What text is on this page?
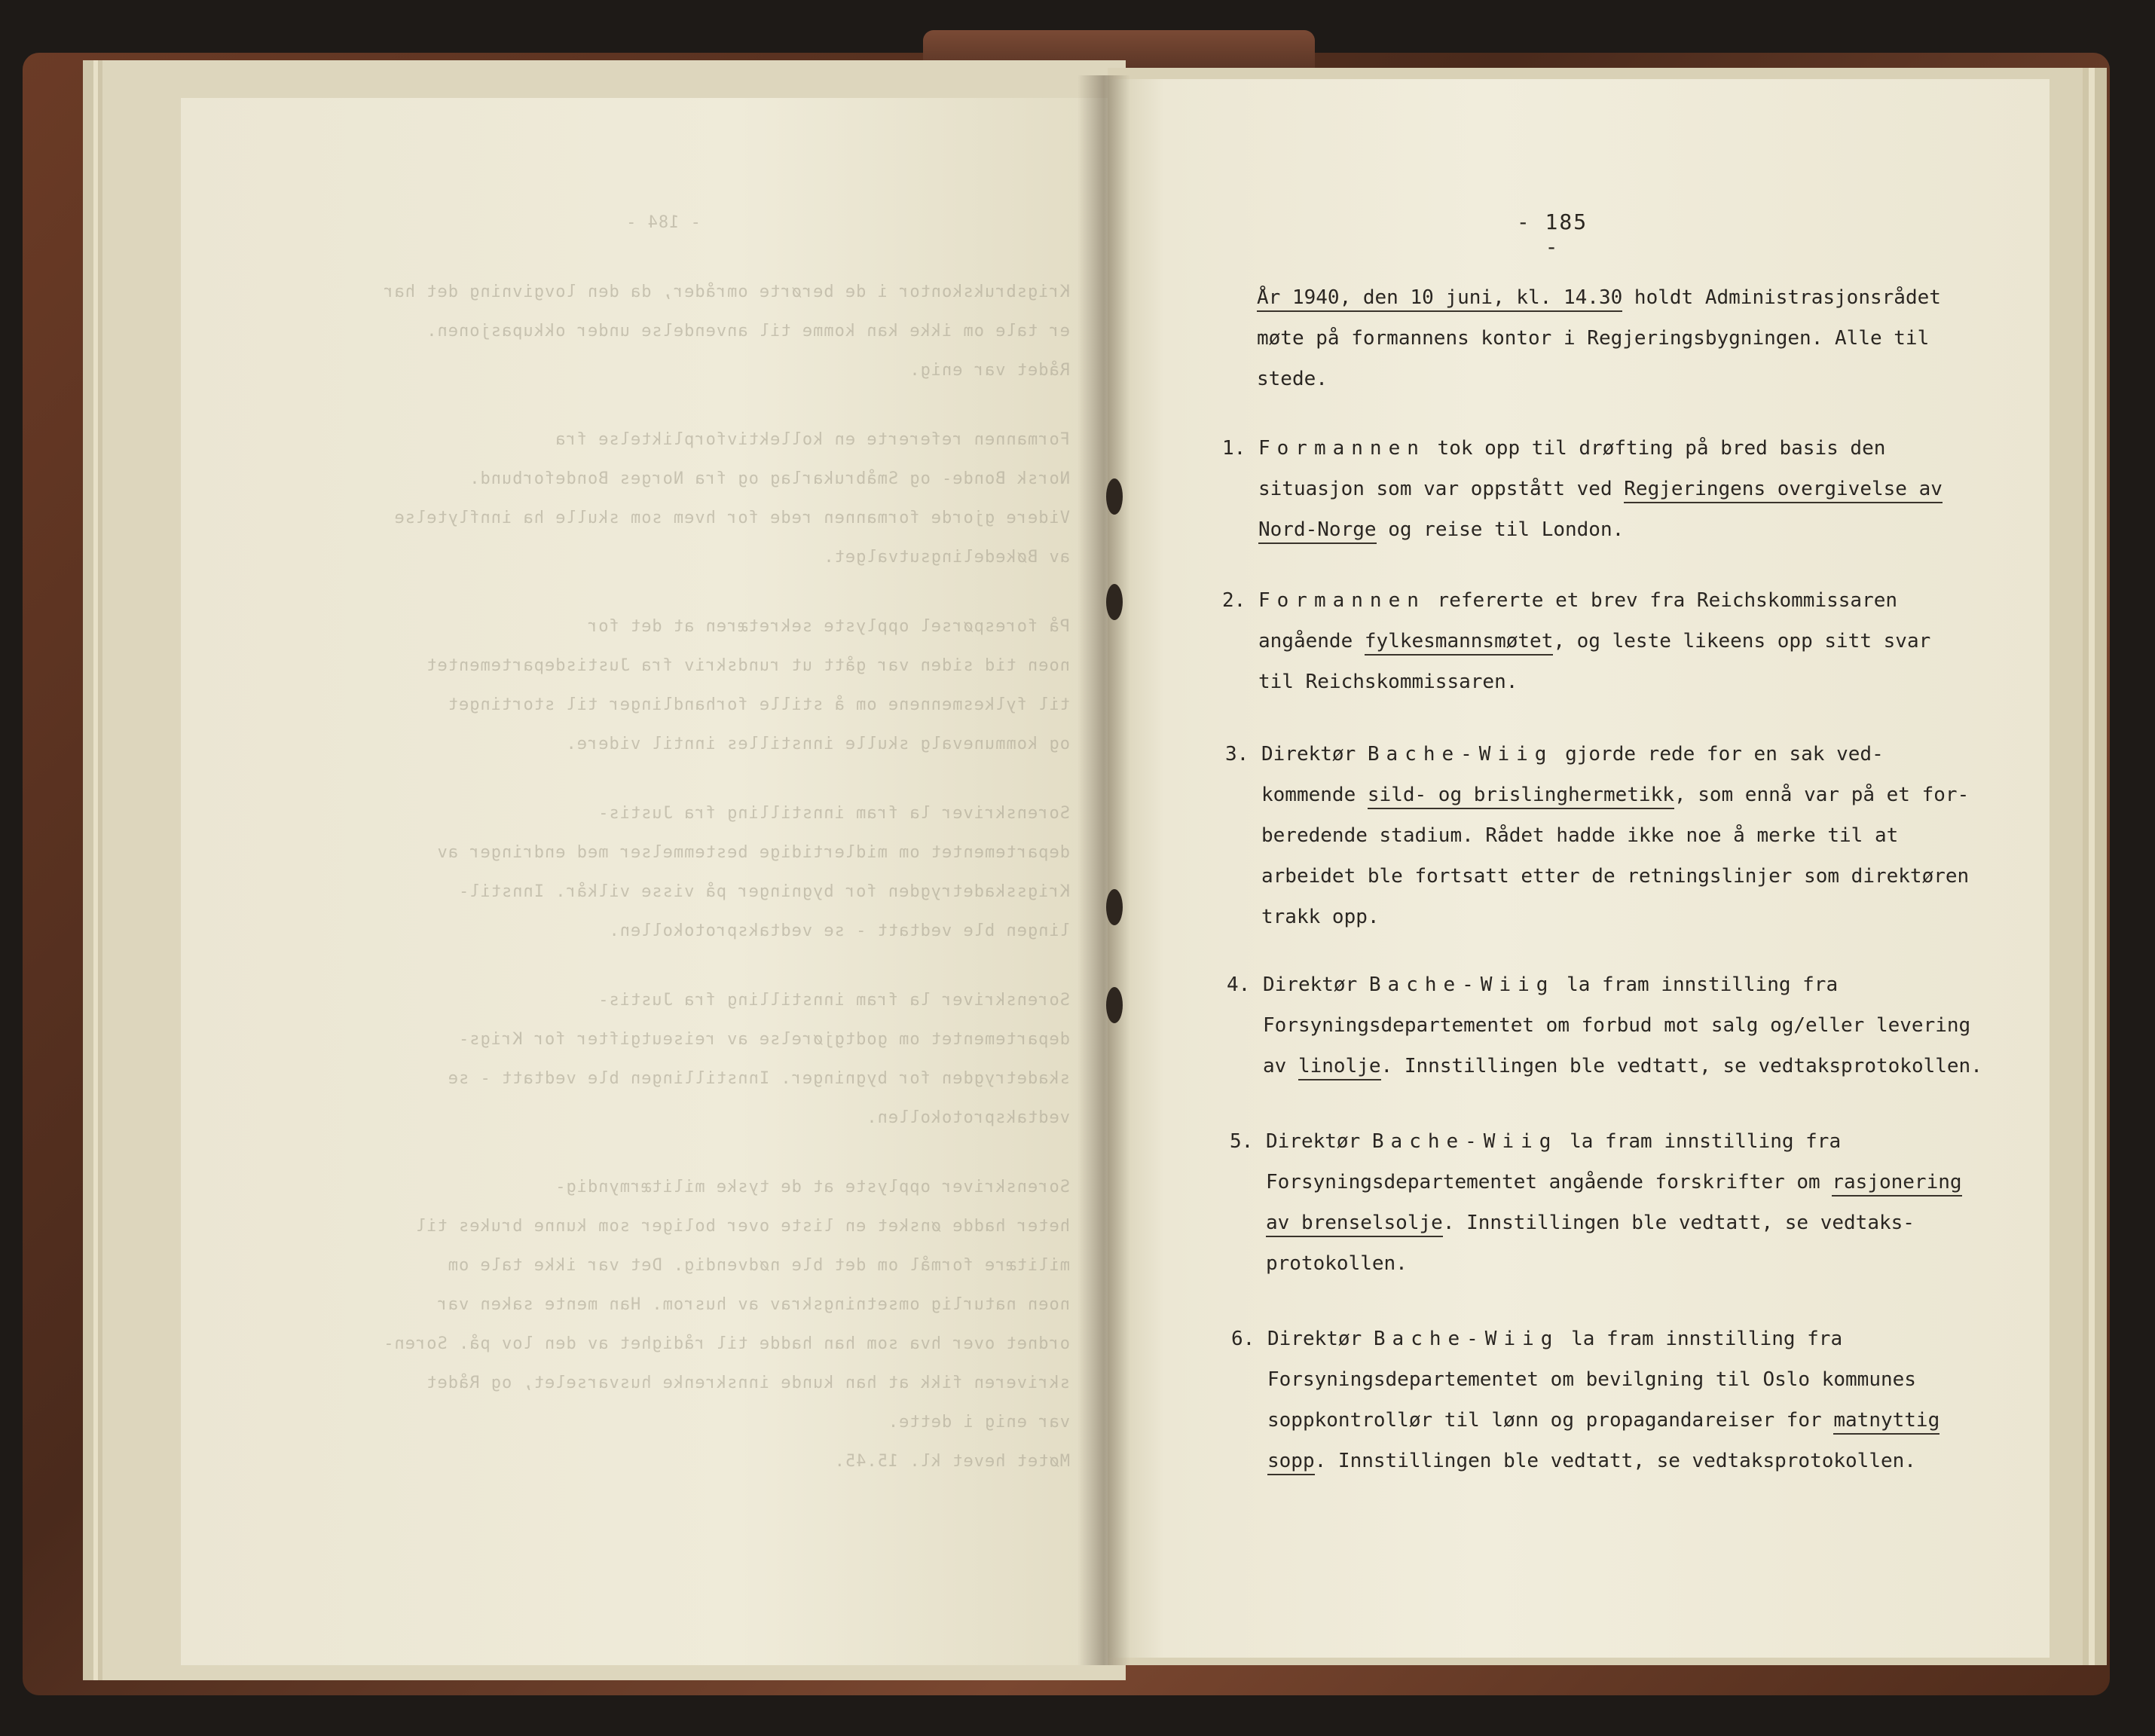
- 184 -

Krigsbrukskontor i de berørte områder, da den lovgivning det har

er tale om ikke kan komme til anvendelse under okkupasjonen.

Rådet var enig.

Formannen refererte en kollektivforpliktelse fra

Norsk Bonde- og Småbrukarlag og fra Norges Bondeforbund.

Videre gjorde formannen rede for hvem som skulle ha innflytelse

av Bøkedelingsutvalget.

På forespørsel opplyste sekretæren at det for

noen tid siden var gått ut rundskriv fra Justisdepartementet

til fylkesmennene om å stille forhandlinger til stortinget

og kommunevalg skulle innstilles inntil videre.

Sorenskriver la fram innstilling fra Justis-

departementet om midlertidige bestemmelser med endringer av

Krigsskadetrygden for bygninger på visse vilkår. Innstil-

lingen ble vedtatt - se vedtaksprotokollen.

Sorenskriver la fram innstilling fra Justis-

departementet om godtgjørelse av reiseutgifter for Krigs-

skadetrygden for bygninger. Innstillingen ble vedtatt - se

vedtaksprotokollen.

Sorenskriver opplyste at de tyske militærmyndig-

heter hadde ønsket en liste over boliger som kunne brukes til

militære formål om det ble nødvendig. Det var ikke tale om

noen naturlig omsetningskrav av husrom. Han mente saken var

ordnet over hva som han hadde til rådighet av den lov på. Soren-

skriveren fikk at han kunde innskrenke husvarselet, og Rådet

var enig i dette.

Møtet hevet kl. 15.45.

- 185 -
År 1940, den 10 juni, kl. 14.30 holdt Administrasjonsrådet
møte på formannens kontor i Regjeringsbygningen. Alle til
stede.
1. Formannen tok opp til drøfting på bred basis den
situasjon som var oppstått ved Regjeringens overgivelse av
Nord-Norge og reise til London.
2. Formannen refererte et brev fra Reichskommissaren
angående fylkesmannsmøtet, og leste likeens opp sitt svar
til Reichskommissaren.
3. Direktør Bache-Wiig gjorde rede for en sak ved-
kommende sild- og brislinghermetikk, som ennå var på et for-
beredende stadium. Rådet hadde ikke noe å merke til at
arbeidet ble fortsatt etter de retningslinjer som direktøren
trakk opp.
4. Direktør Bache-Wiig la fram innstilling fra
Forsyningsdepartementet om forbud mot salg og/eller levering
av linolje. Innstillingen ble vedtatt, se vedtaksprotokollen.
5. Direktør Bache-Wiig la fram innstilling fra
Forsyningsdepartementet angående forskrifter om rasjonering
av brenselsolje. Innstillingen ble vedtatt, se vedtaks-
protokollen.
6. Direktør Bache-Wiig la fram innstilling fra
Forsyningsdepartementet om bevilgning til Oslo kommunes
soppkontrollør til lønn og propagandareiser for matnyttig
sopp. Innstillingen ble vedtatt, se vedtaksprotokollen.
